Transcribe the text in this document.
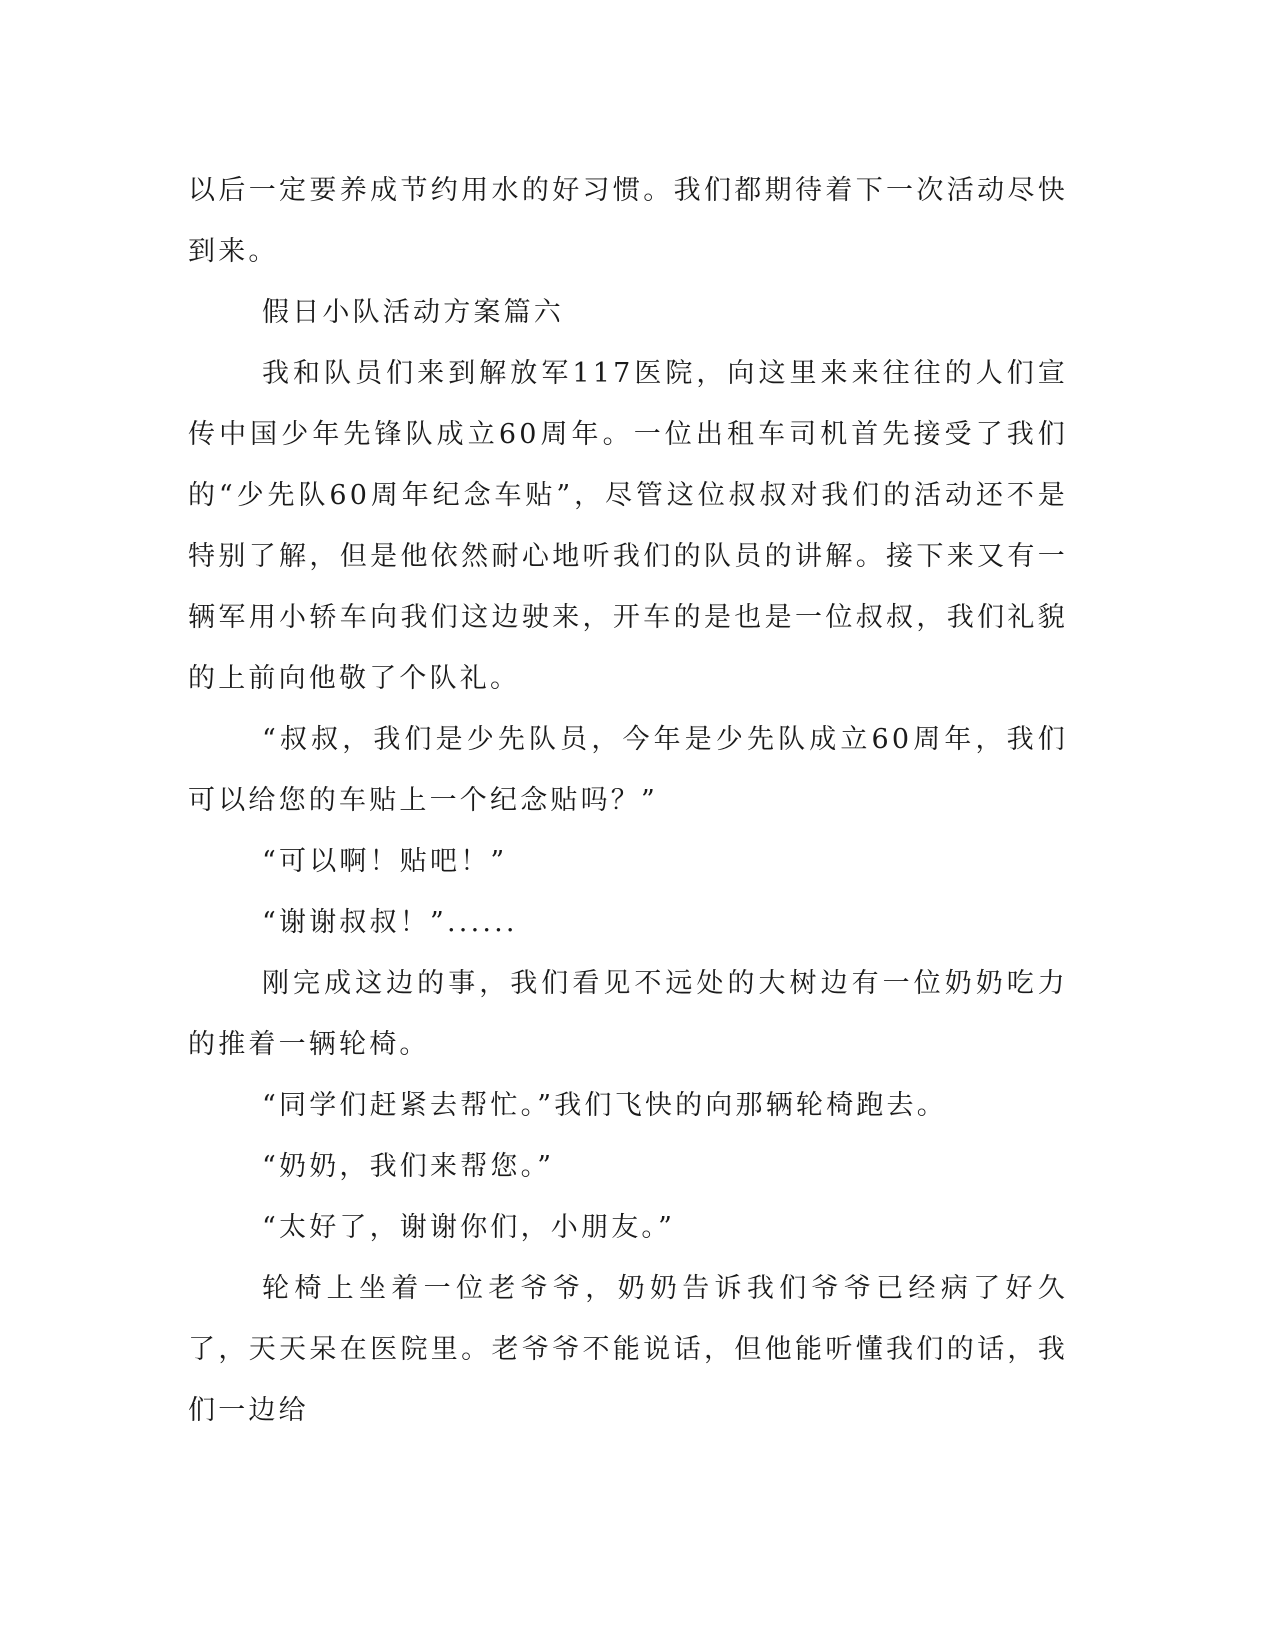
以后一定要养成节约用水的好习惯。我们都期待着下一次活动尽快到来。

假日小队活动方案篇六

我和队员们来到解放军117医院，向这里来来往往的人们宣传中国少年先锋队成立60周年。一位出租车司机首先接受了我们的“少先队60周年纪念车贴”，尽管这位叔叔对我们的活动还不是特别了解，但是他依然耐心地听我们的队员的讲解。接下来又有一辆军用小轿车向我们这边驶来，开车的是也是一位叔叔，我们礼貌的上前向他敬了个队礼。

“叔叔，我们是少先队员，今年是少先队成立60周年，我们可以给您的车贴上一个纪念贴吗？”

“可以啊！贴吧！”

“谢谢叔叔！”......

刚完成这边的事，我们看见不远处的大树边有一位奶奶吃力的推着一辆轮椅。

“同学们赶紧去帮忙。”我们飞快的向那辆轮椅跑去。

“奶奶，我们来帮您。”

“太好了，谢谢你们，小朋友。”

轮椅上坐着一位老爷爷，奶奶告诉我们爷爷已经病了好久了，天天呆在医院里。老爷爷不能说话，但他能听懂我们的话，我们一边给
